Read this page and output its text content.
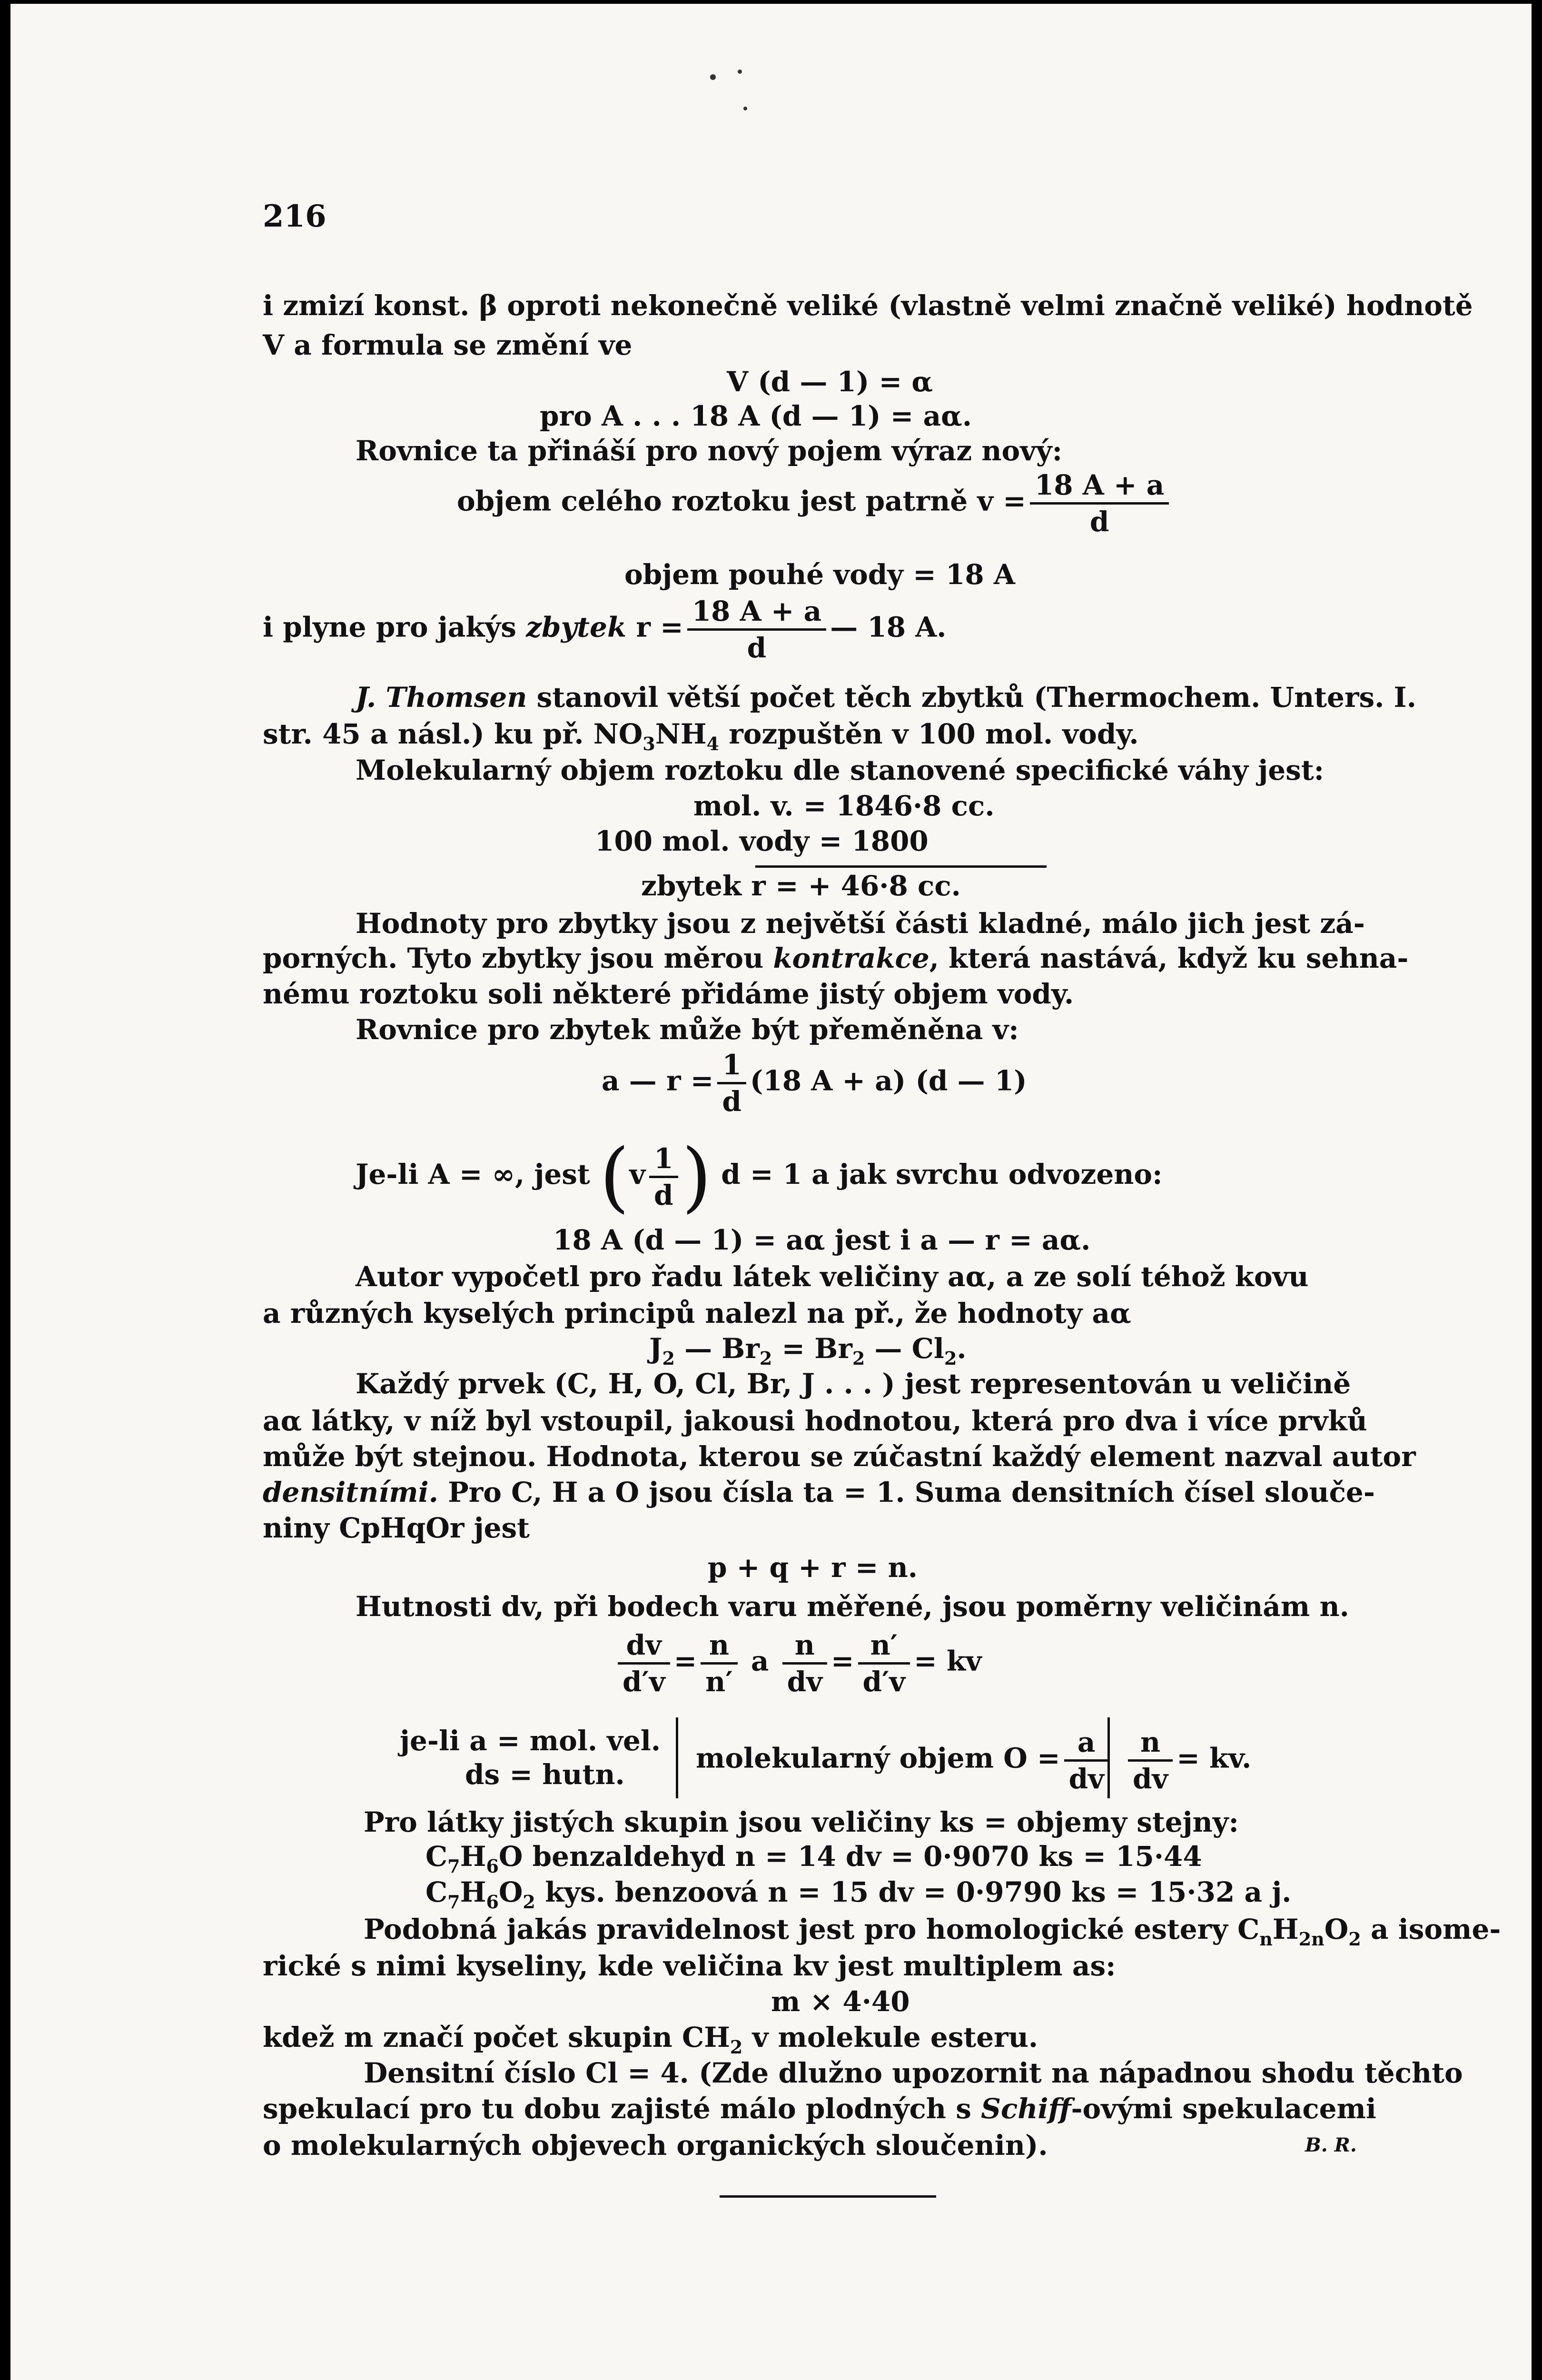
216
i zmizí konst. β oproti nekonečně veliké (vlastně velmi značně veliké) hodnotě
V a formula se změní ve
V (d — 1) = α
pro A . . . 18 A (d — 1) = aα.
Rovnice ta přináší pro nový pojem výraz nový:
objem celého roztoku jest patrně $v = \frac{18 A + a}{d}$
objem pouhé vody = 18 A
i plyne pro jakýs zbytek $r = \frac{18 A + a}{d}$ — 18 A.
J. Thomsen stanovil větší počet těch zbytků (Thermochem. Unters. I.
str. 45 a násl.) ku př. $NO_3NH_4$ rozpuštěn v 100 mol. vody.
Molekularný objem roztoku dle stanovené specifické váhy jest:
mol. v. = 1846·8 cc.
100 mol. vody = 1800
zbytek r = + 46·8 cc.
Hodnoty pro zbytky jsou z největší části kladné, málo jich jest zá-
porných. Tyto zbytky jsou měrou kontrakce, která nastává, když ku sehna-
nému roztoku soli některé přidáme jistý objem vody.
Rovnice pro zbytek může být přeměněna v:
a — $r = \frac{1}{d} (18$ A + a) (d — 1)
Je-li A = ∞, jest ($v \frac{1}{d}$ ) d = 1 a jak svrchu odvozeno:
18 A (d — 1) = aα jest i a — r = aα.
Autor vypočetl pro řadu látek veličiny aα, a ze solí téhož kovu
a různých kyselých principů nalezl na př., že hodnoty aα
$J_2$ — $Br_2 = Br_2$ — $Cl_2$.
Každý prvek (C, H, O, Cl, Br, J . . . ) jest representován u veličině
aα látky, v níž byl vstoupil, jakousi hodnotou, která pro dva i více prvků
může být stejnou. Hodnota, kterou se zúčastní každý element nazval autor
densitními. Pro C, H a O jsou čísla ta = 1. Suma densitních čísel slouče-
niny CpHqOr jest
p + q + r = n.
Hutnosti dv, při bodech varu měřené, jsou poměrny veličinám n.
$\frac{dv}{d'v} = \frac{n}{n'}$ a $\frac{n}{dv} = \frac{n'}{d'v}$ = kv
je-li a = mol. vel.
ds = hutn.
molekularný objem $O = \frac{a}{dv} \frac{n}{dv}$ = kv.
Pro látky jistých skupin jsou veličiny ks = objemy stejny:
$C_7H_6O$ benzaldehyd n = 14 dv = 0·9070 ks = 15·44
$C_7H_6O_2$ kys. benzoová n = 15 dv = 0·9790 ks = 15·32 a j.
Podobná jakás pravidelnost jest pro homologické estery $C_nH_{2n}O_2$ a isome-
rické s nimi kyseliny, kde veličina kv jest multiplem as:
m × 4·40
kdež m značí počet skupin $CH_2$ v molekule esteru.
Densitní číslo Cl = 4. (Zde dlužno upozornit na nápadnou shodu těchto
spekulací pro tu dobu zajisté málo plodných s Schiff-ovými spekulacemi
o molekularných objevech organických sloučenin).	B. R.
